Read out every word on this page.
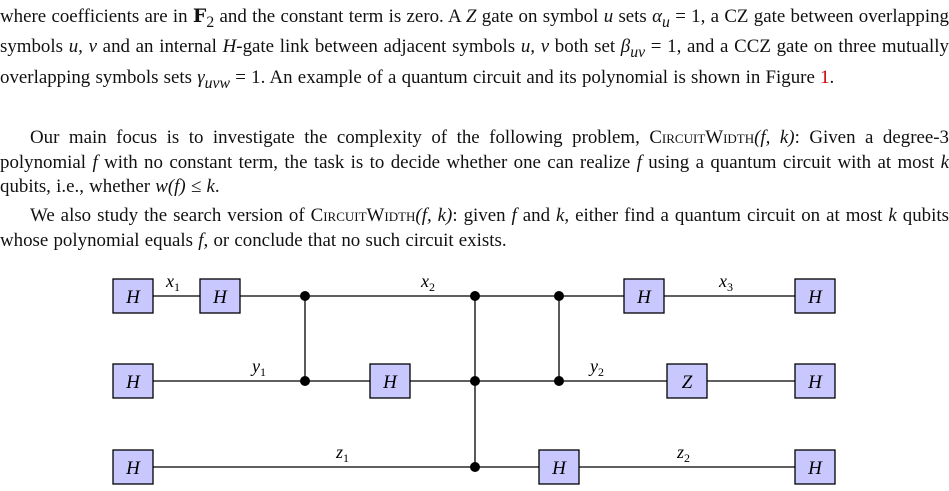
where coefficients are in $F_2$ and the constant term is zero. A Z gate on symbol u sets $\alpha_u = 1$, a CZ gate between overlapping symbols u, v and an internal H-gate link between adjacent symbols u, v both set $\beta_{uv} = 1$, and a CCZ gate on three mutually overlapping symbols sets $\gamma_{uvw} = 1$. An example of a quantum circuit and its polynomial is shown in Figure 1.

Our main focus is to investigate the complexity of the following problem, CircuitWidth(f, k): Given a degree-3 polynomial f with no constant term, the task is to decide whether one can realize f using a quantum circuit with at most k qubits, i.e., whether w(f) ≤ k.

We also study the search version of CircuitWidth(f, k): given f and k, either find a quantum circuit on at most k qubits whose polynomial equals f, or conclude that no such circuit exists.

H	H	H	H
H	H	Z	H
H	H	H
$x_1$	$x_2$	$x_3$
$y_1$	$y_2$
$z_1$	$z_2$
